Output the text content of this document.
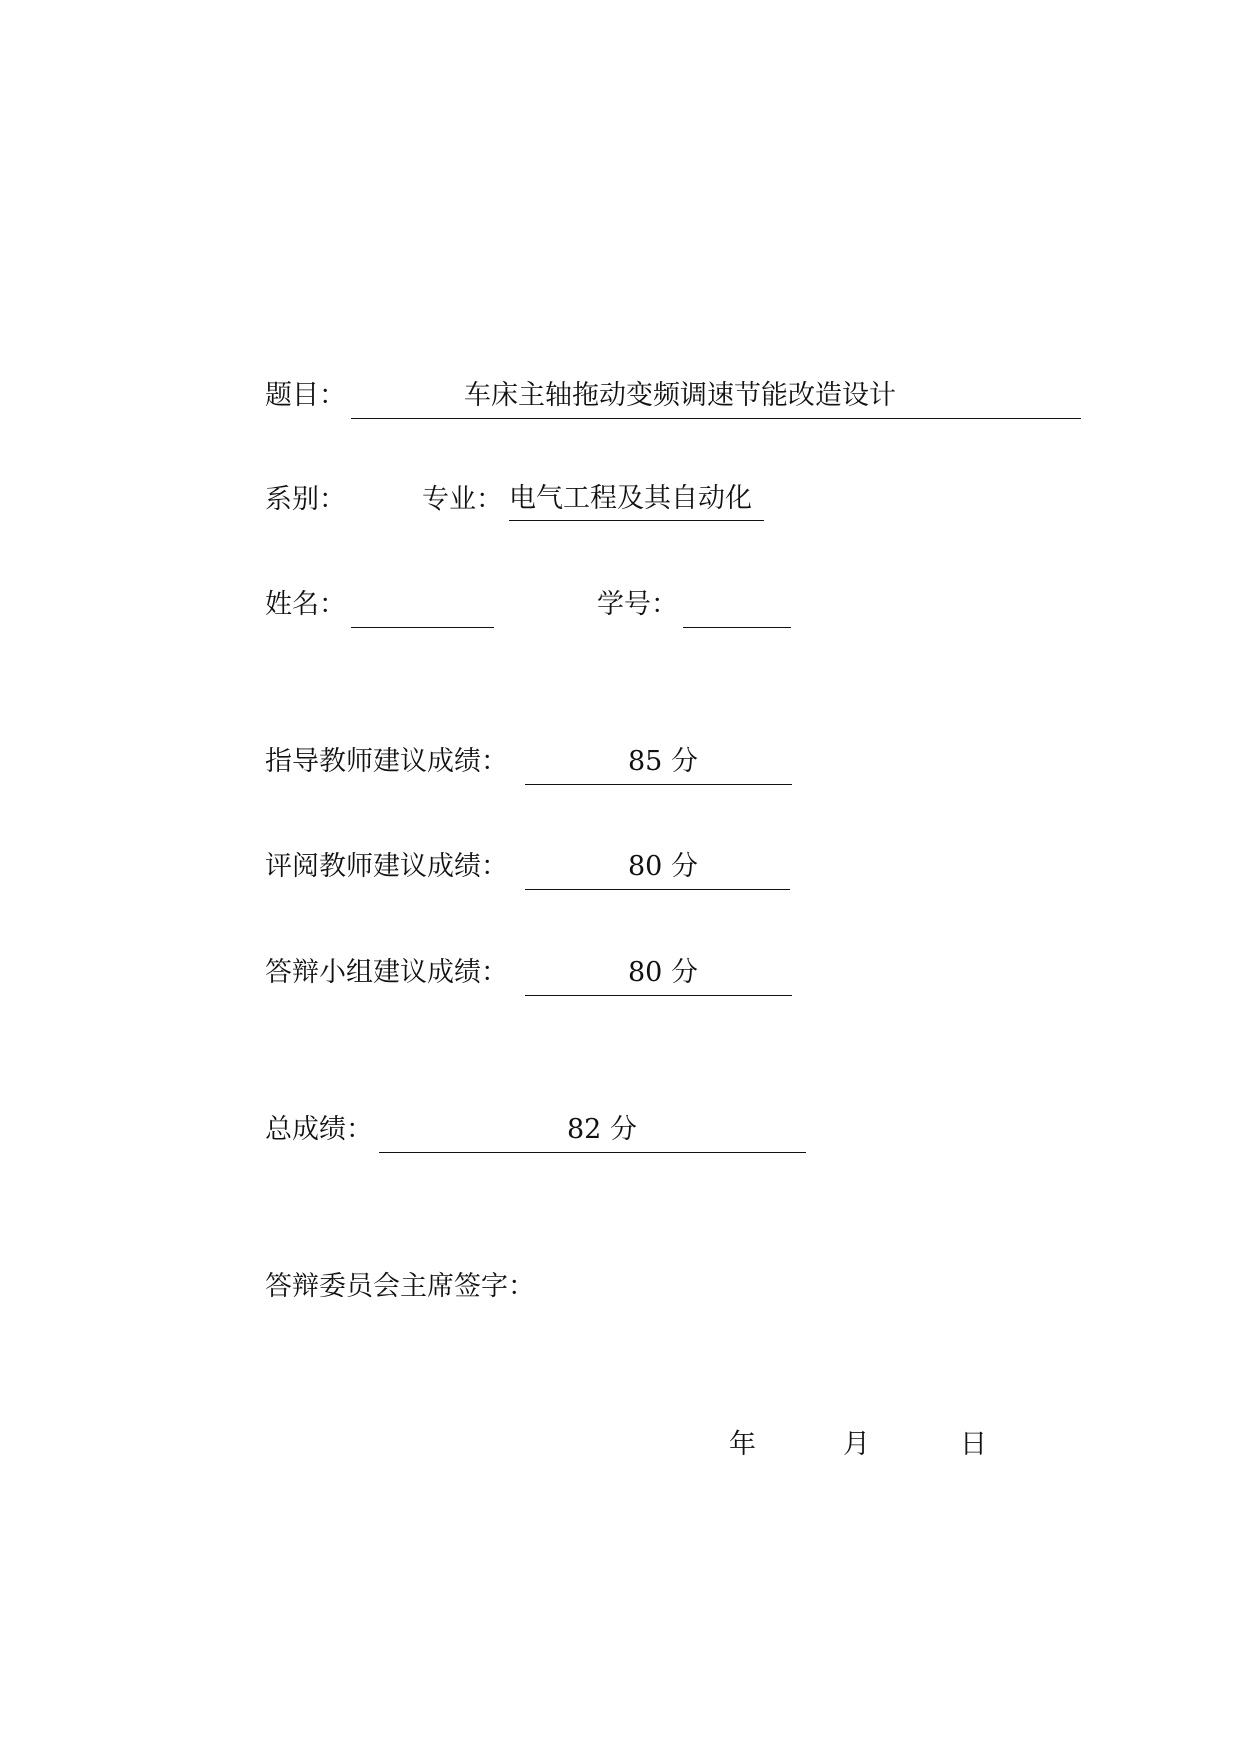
题目：	车床主轴拖动变频调速节能改造设计
系别：	专业： 电气工程及其自动化
姓名：	学号：
指导教师建议成绩：	85 分
评阅教师建议成绩：	80 分
答辩小组建议成绩：	80 分
总成绩：	82 分
答辩委员会主席签字：
年	月	日
